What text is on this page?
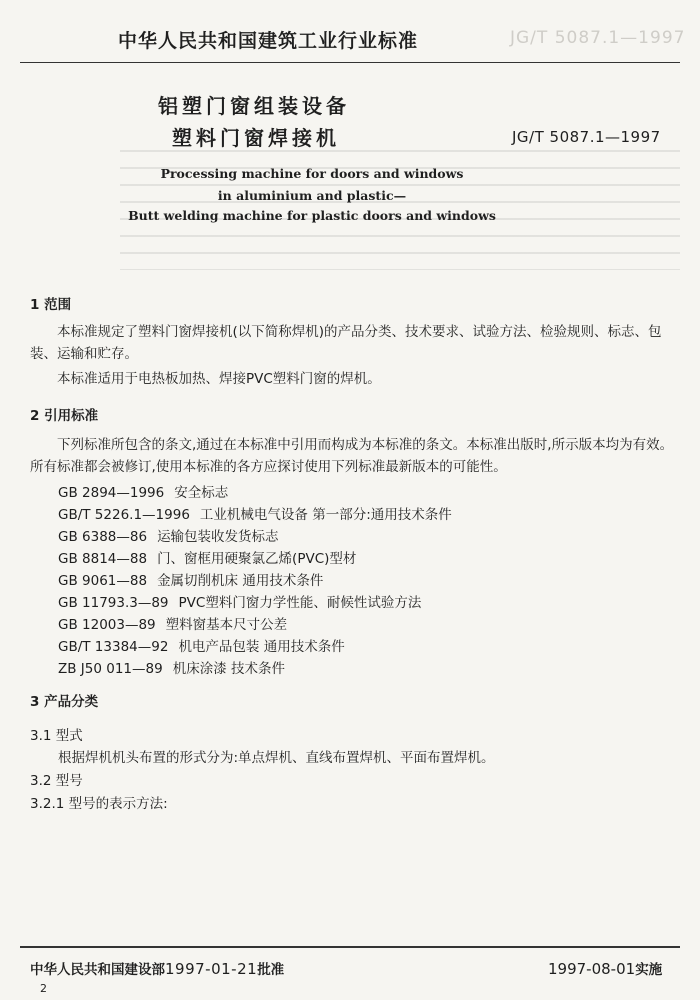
中华人民共和国建筑工业行业标准	JG/T 5087.1—1997
铝塑门窗组装设备
塑料门窗焊接机	JG/T 5087.1—1997
Processing machine for doors and windows
in aluminium and plastic—
Butt welding machine for plastic doors and windows
1 范围
本标准规定了塑料门窗焊接机(以下简称焊机)的产品分类、技术要求、试验方法、检验规则、标志、包装、运输和贮存。
本标准适用于电热板加热、焊接PVC塑料门窗的焊机。
2 引用标准
下列标准所包含的条文,通过在本标准中引用而构成为本标准的条文。本标准出版时,所示版本均为有效。所有标准都会被修订,使用本标准的各方应探讨使用下列标准最新版本的可能性。
GB 2894—1996 安全标志
GB/T 5226.1—1996 工业机械电气设备 第一部分:通用技术条件
GB 6388—86 运输包装收发货标志
GB 8814—88 门、窗框用硬聚氯乙烯(PVC)型材
GB 9061—88 金属切削机床 通用技术条件
GB 11793.3—89 PVC塑料门窗力学性能、耐候性试验方法
GB 12003—89 塑料窗基本尺寸公差
GB/T 13384—92 机电产品包装 通用技术条件
ZB J50 011—89 机床涂漆 技术条件
3 产品分类
3.1 型式
根据焊机机头布置的形式分为:单点焊机、直线布置焊机、平面布置焊机。
3.2 型号
3.2.1 型号的表示方法:
中华人民共和国建设部1997-01-21批准	1997-08-01实施
2
